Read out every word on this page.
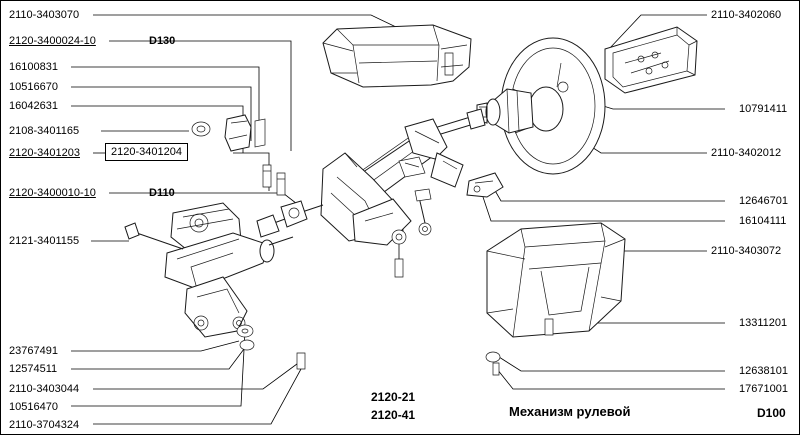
2110-3403070
2120-3400024-10	D130
16100831
10516670
16042631
2108-3401165
2120-3401203
2120-3400010-10	D110
2121-3401155
23767491
12574511
2110-3403044
10516470
2110-3704324
2120-3401204
2110-3402060
10791411
2110-3402012
12646701
16104111
2110-3403072
13311201
12638101
17671001
2120-21
2120-41	Механизм рулевой	D100
